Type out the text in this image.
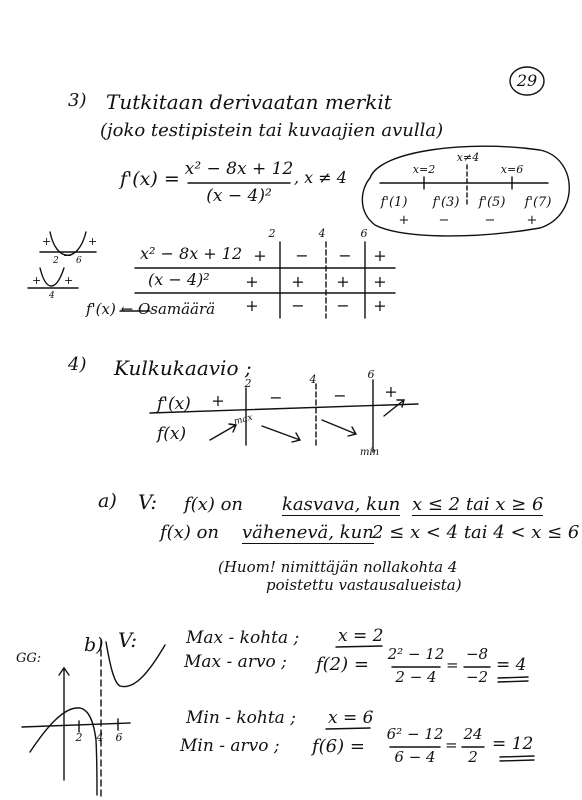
29
3) Tutkitaan derivaatan merkit
(joko testipistein tai kuvaajien avulla)
f'(x) = x² − 8x + 12
(x − 4)²
, x ≠ 4	x=2
x≠4
x=6
f'(1) f'(3) f'(5) f'(7)
+ −	− +
+
−
+
2 6
+ +
4
2	4	6
x² − 8x + 12 + − − +
(x − 4)² + + + +
f'(x) ← Osamäärä + − − +
4) Kulkukaavio ;
2	4	6
f'(x) +	−	− +
f(x)
max
min
a) V: f(x) on kasvava, kun x ≤ 2 tai x ≥ 6
f(x) on vähenevä, kun
2 ≤ x < 4 tai 4 < x ≤ 6
(Huom! nimittäjän nollakohta 4
poistettu vastausalueista)
GG:
b) V:
2 4 6
Max - kohta ; x = 2
Max - arvo ; f(2) = 2² − 12
2 − 4
=
−8
−2
= 4
Min - kohta ; x = 6
Min - arvo ; f(6) =
6² − 12
6 − 4
=
24
2
= 12
